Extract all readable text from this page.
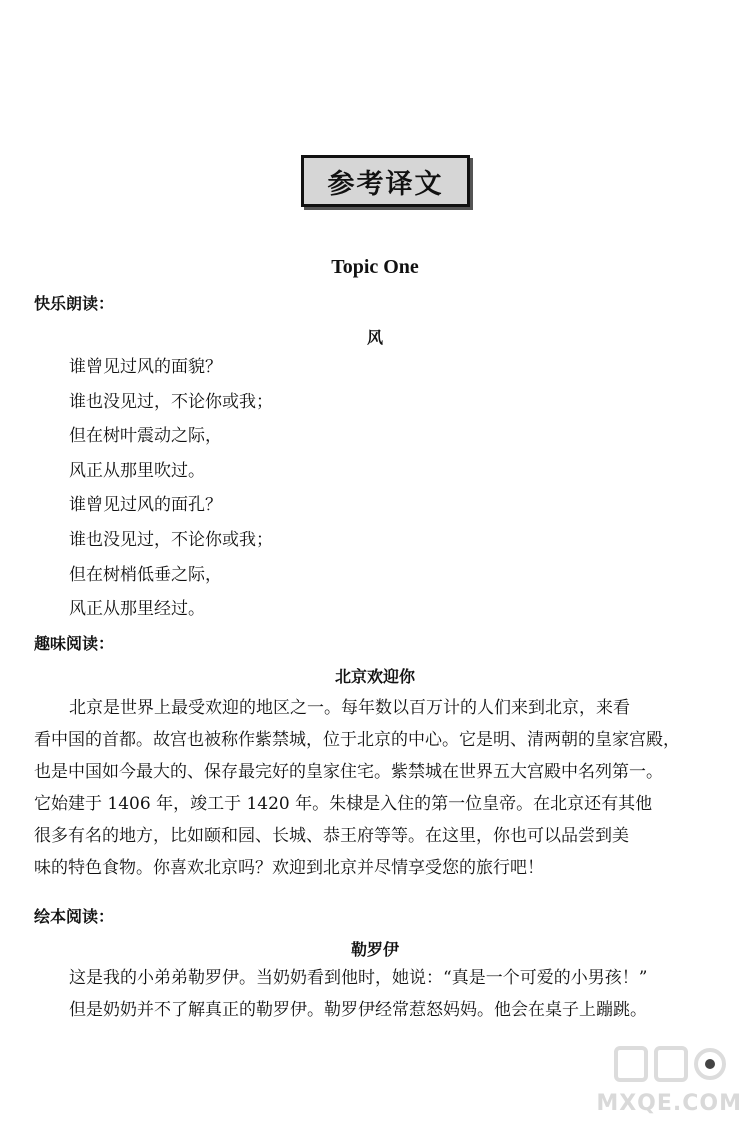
参考译文
Topic One
快乐朗读：
风
谁曾见过风的面貌？
谁也没见过，不论你或我；
但在树叶震动之际，
风正从那里吹过。
谁曾见过风的面孔？
谁也没见过，不论你或我；
但在树梢低垂之际，
风正从那里经过。
趣味阅读：
北京欢迎你
北京是世界上最受欢迎的地区之一。每年数以百万计的人们来到北京，来看
看中国的首都。故宫也被称作紫禁城，位于北京的中心。它是明、清两朝的皇家宫殿，
也是中国如今最大的、保存最完好的皇家住宅。紫禁城在世界五大宫殿中名列第一。
它始建于 1406 年，竣工于 1420 年。朱棣是入住的第一位皇帝。在北京还有其他
很多有名的地方，比如颐和园、长城、恭王府等等。在这里，你也可以品尝到美
味的特色食物。你喜欢北京吗？欢迎到北京并尽情享受您的旅行吧！
绘本阅读：
勒罗伊
这是我的小弟弟勒罗伊。当奶奶看到他时，她说：“真是一个可爱的小男孩！”
但是奶奶并不了解真正的勒罗伊。勒罗伊经常惹怒妈妈。他会在桌子上蹦跳。
MXQE.COM
